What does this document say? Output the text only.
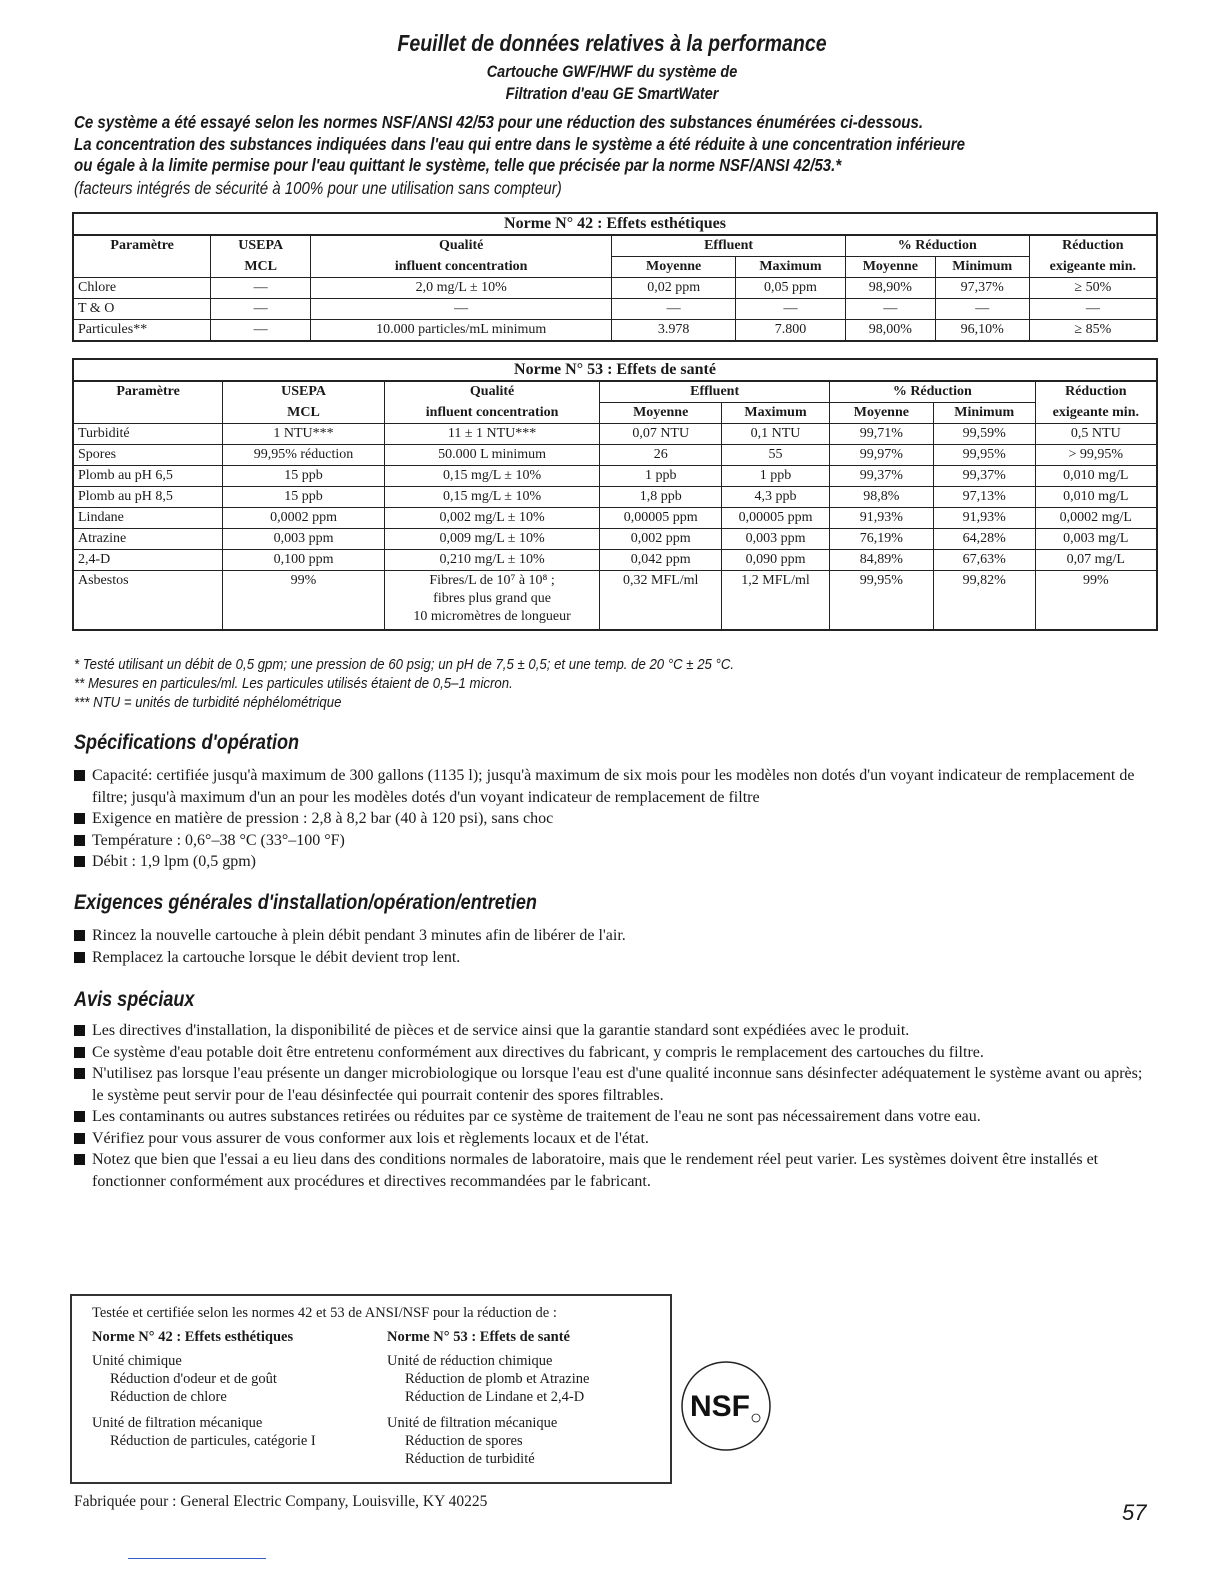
Feuillet de données relatives à la performance
Cartouche GWF/HWF du système de
Filtration d'eau GE SmartWater
Ce système a été essayé selon les normes NSF/ANSI 42/53 pour une réduction des substances énumérées ci-dessous.
La concentration des substances indiquées dans l'eau qui entre dans le système a été réduite à une concentration inférieure
ou égale à la limite permise pour l'eau quittant le système, telle que précisée par la norme NSF/ANSI 42/53.*
(facteurs intégrés de sécurité à 100% pour une utilisation sans compteur)
Norme N° 42 : Effets esthétiques							
Paramètre	USEPA	Qualité	Effluent		% Réduction		Réduction
	MCL	influent concentration	Moyenne	Maximum	Moyenne	Minimum	exigeante min.
Chlore	—	2,0 mg/L ± 10%	0,02 ppm	0,05 ppm	98,90%	97,37%	≥ 50%
T & O	—	—	—	—	—	—	—
Particules**	—	10.000 particles/mL minimum	3.978	7.800	98,00%	96,10%	≥ 85%
Norme N° 53 : Effets de santé							
Paramètre	USEPA	Qualité	Effluent		% Réduction		Réduction
	MCL	influent concentration	Moyenne	Maximum	Moyenne	Minimum	exigeante min.
Turbidité	1 NTU***	11 ± 1 NTU***	0,07 NTU	0,1 NTU	99,71%	99,59%	0,5 NTU
Spores	99,95% réduction	50.000 L minimum	26	55	99,97%	99,95%	> 99,95%
Plomb au pH 6,5	15 ppb	0,15 mg/L ± 10%	1 ppb	1 ppb	99,37%	99,37%	0,010 mg/L
Plomb au pH 8,5	15 ppb	0,15 mg/L ± 10%	1,8 ppb	4,3 ppb	98,8%	97,13%	0,010 mg/L
Lindane	0,0002 ppm	0,002 mg/L ± 10%	0,00005 ppm	0,00005 ppm	91,93%	91,93%	0,0002 mg/L
Atrazine	0,003 ppm	0,009 mg/L ± 10%	0,002 ppm	0,003 ppm	76,19%	64,28%	0,003 mg/L
2,4-D	0,100 ppm	0,210 mg/L ± 10%	0,042 ppm	0,090 ppm	84,89%	67,63%	0,07 mg/L
Asbestos	99%	Fibres/L de 10⁷ à 10⁸ ;
fibres plus grand que
10 micromètres de longueur	0,32 MFL/ml	1,2 MFL/ml	99,95%	99,82%	99%
* Testé utilisant un débit de 0,5 gpm; une pression de 60 psig; un pH de 7,5 ± 0,5; et une temp. de 20 °C ± 25 °C.
** Mesures en particules/ml. Les particules utilisés étaient de 0,5–1 micron.
*** NTU = unités de turbidité néphélométrique
Spécifications d'opération
Capacité: certifiée jusqu'à maximum de 300 gallons (1135 l); jusqu'à maximum de six mois pour les modèles non dotés d'un voyant indicateur de remplacement de filtre; jusqu'à maximum d'un an pour les modèles dotés d'un voyant indicateur de remplacement de filtre
Exigence en matière de pression : 2,8 à 8,2 bar (40 à 120 psi), sans choc
Température : 0,6°–38 °C (33°–100 °F)
Débit : 1,9 lpm (0,5 gpm)
Exigences générales d'installation/opération/entretien
Rincez la nouvelle cartouche à plein débit pendant 3 minutes afin de libérer de l'air.
Remplacez la cartouche lorsque le débit devient trop lent.
Avis spéciaux
Les directives d'installation, la disponibilité de pièces et de service ainsi que la garantie standard sont expédiées avec le produit.
Ce système d'eau potable doit être entretenu conformément aux directives du fabricant, y compris le remplacement des cartouches du filtre.
N'utilisez pas lorsque l'eau présente un danger microbiologique ou lorsque l'eau est d'une qualité inconnue sans désinfecter adéquatement le système avant ou après; le système peut servir pour de l'eau désinfectée qui pourrait contenir des spores filtrables.
Les contaminants ou autres substances retirées ou réduites par ce système de traitement de l'eau ne sont pas nécessairement dans votre eau.
Vérifiez pour vous assurer de vous conformer aux lois et règlements locaux et de l'état.
Notez que bien que l'essai a eu lieu dans des conditions normales de laboratoire, mais que le rendement réel peut varier. Les systèmes doivent être installés et fonctionner conformément aux procédures et directives recommandées par le fabricant.
Testée et certifiée selon les normes 42 et 53 de ANSI/NSF pour la réduction de :
Norme N° 42 : Effets esthétiques
Unité chimique
Réduction d'odeur et de goût
Réduction de chlore
Unité de filtration mécanique
Réduction de particules, catégorie I
Norme N° 53 : Effets de santé
Unité de réduction chimique
Réduction de plomb et Atrazine
Réduction de Lindane et 2,4-D
Unité de filtration mécanique
Réduction de spores
Réduction de turbidité
NSF
Fabriquée pour : General Electric Company, Louisville, KY 40225	57
